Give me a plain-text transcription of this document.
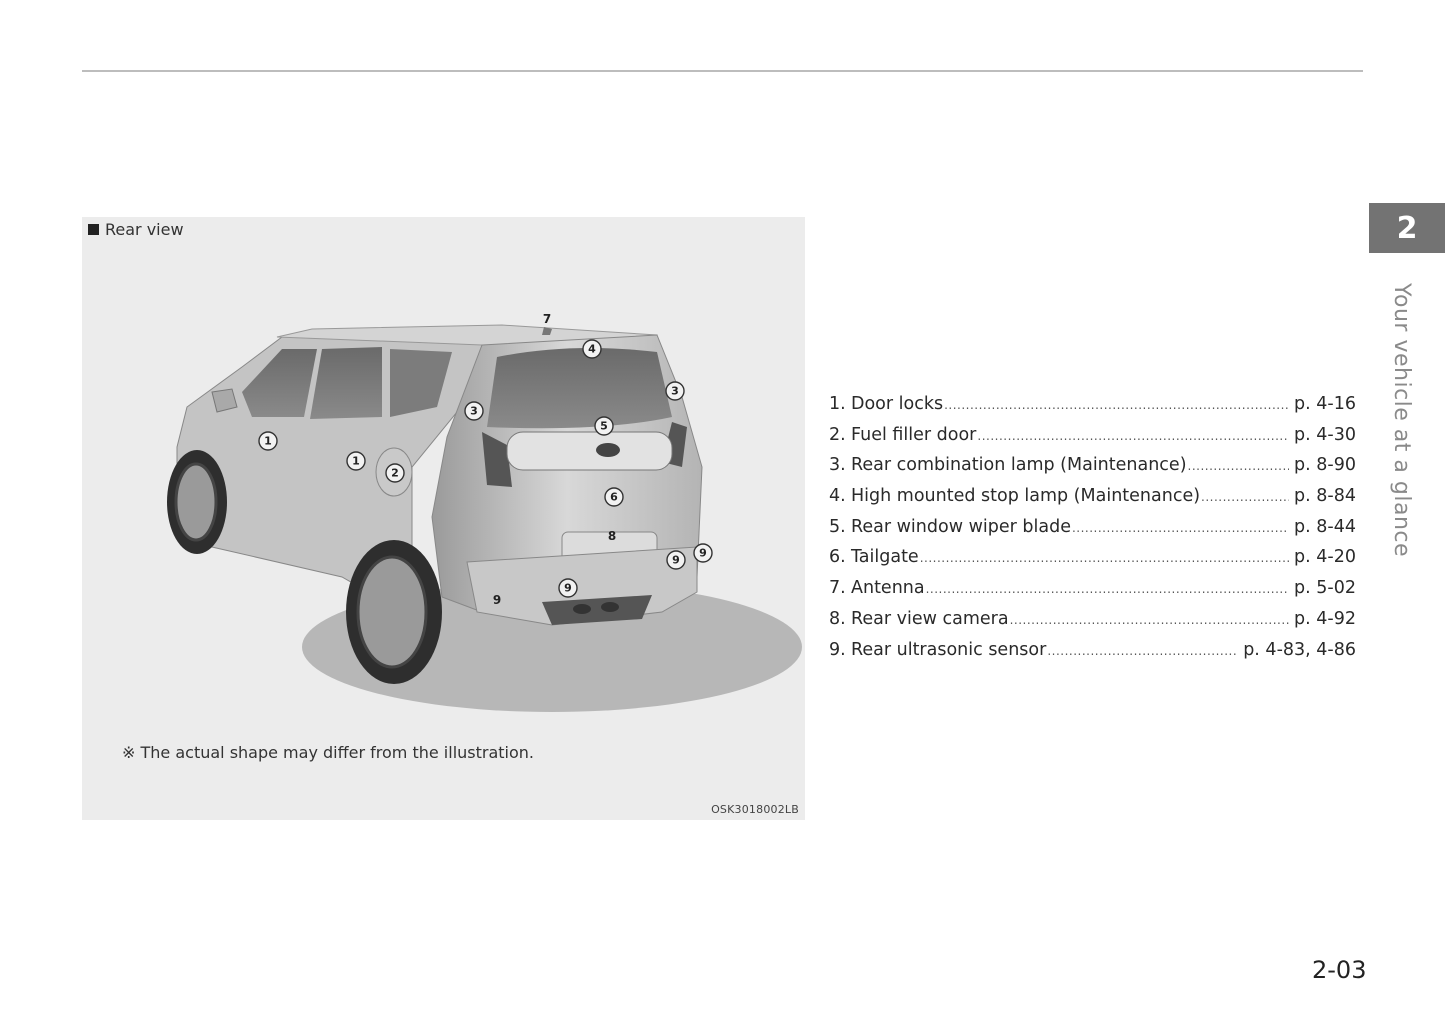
Rear view
1
1
2
3
3
4
5
6
7
8
9
9
9
9
※ The actual shape may differ from the illustration.
OSK3018002LB
1. Door locks .....	p. 4-16
2. Fuel filler door .....	p. 4-30
3. Rear combination lamp (Maintenance) .....	p. 8-90
4. High mounted stop lamp (Maintenance) .....	p. 8-84
5. Rear window wiper blade .....	p. 8-44
6. Tailgate .....	p. 4-20
7. Antenna .....	p. 5-02
8. Rear view camera .....	p. 4-92
9. Rear ultrasonic sensor .....	p. 4-83, 4-86
2
Your vehicle at a glance
2-03
